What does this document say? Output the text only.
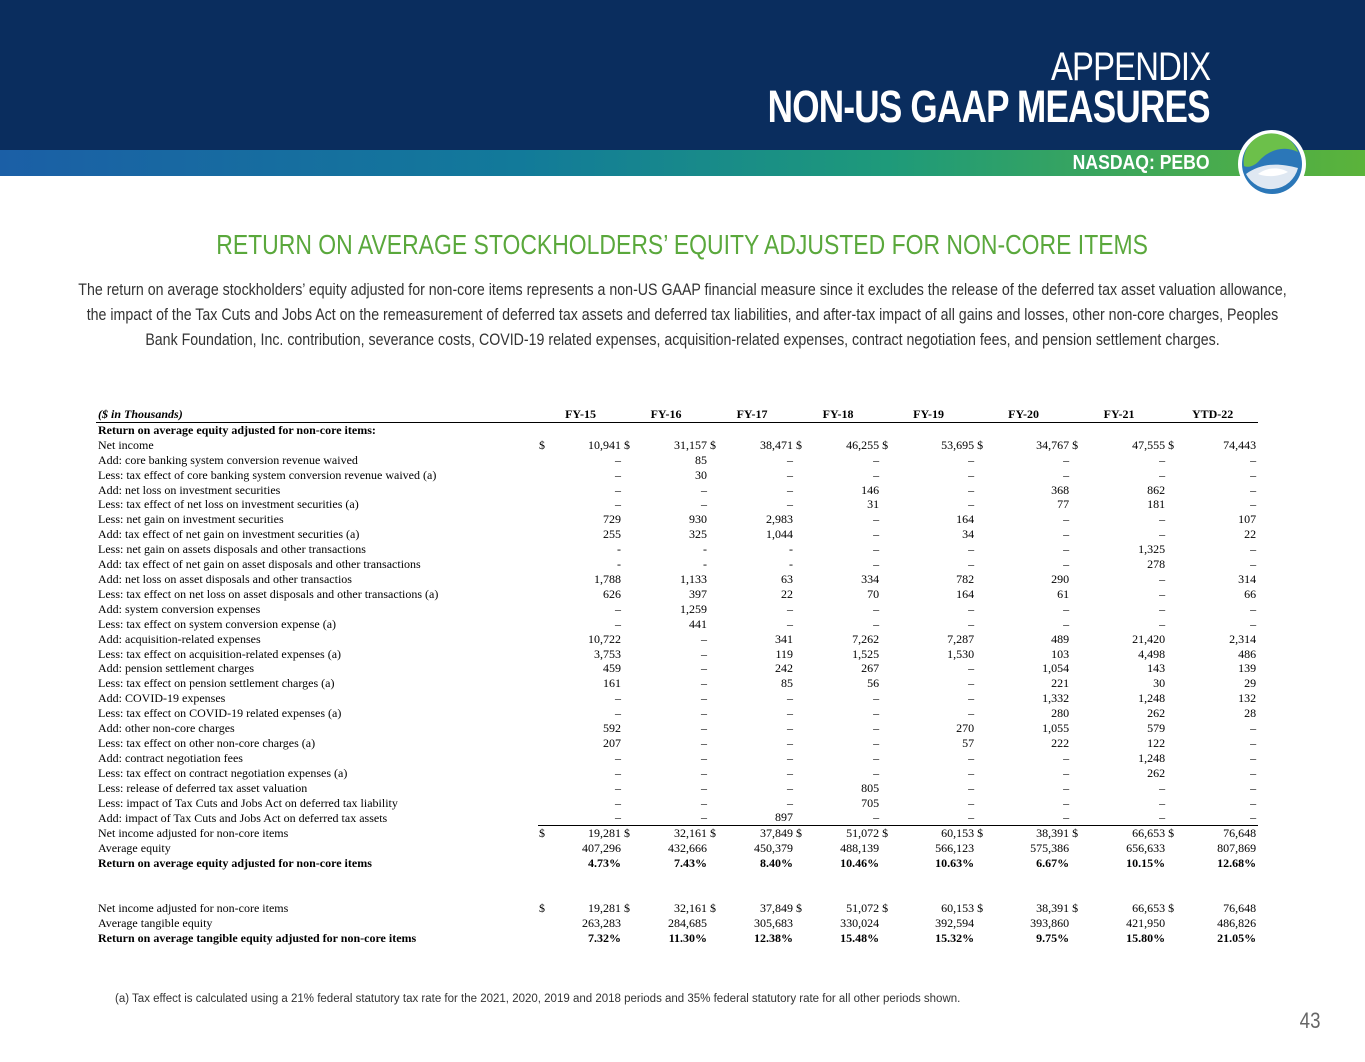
APPENDIX
NON-US GAAP MEASURES
NASDAQ: PEBO
RETURN ON AVERAGE STOCKHOLDERS’ EQUITY ADJUSTED FOR NON-CORE ITEMS
The return on average stockholders’ equity adjusted for non-core items represents a non-US GAAP financial measure since it excludes the release of the deferred tax asset valuation allowance, the impact of the Tax Cuts and Jobs Act on the remeasurement of deferred tax assets and deferred tax liabilities, and after-tax impact of all gains and losses, other non-core charges, Peoples Bank Foundation, Inc. contribution, severance costs, COVID-19 related expenses, acquisition-related expenses, contract negotiation fees, and pension settlement charges.
($ in Thousands)	FY-15		FY-16		FY-17		FY-18		FY-19		FY-20		FY-21		YTD-22	
Return on average equity adjusted for non-core items:																
Net income	$	10,941	$	31,157	$	38,471	$	46,255	$	53,695	$	34,767	$	47,555	$	74,443
Add: core banking system conversion revenue waived		–		85		–		–		–		–		–		–
Less: tax effect of core banking system conversion revenue waived (a)		–		30		–		–		–		–		–		–
Add: net loss on investment securities		–		–		–		146		–		368		862		–
Less: tax effect of net loss on investment securities (a)		–		–		–		31		–		77		181		–
Less: net gain on investment securities		729		930		2,983		–		164		–		–		107
Add: tax effect of net gain on investment securities (a)		255		325		1,044		–		34		–		–		22
Less: net gain on assets disposals and other transactions		-		-		-		–		–		–		1,325		–
Add: tax effect of net gain on asset disposals and other transactions		-		-		-		–		–		–		278		–
Add: net loss on asset disposals and other transactios		1,788		1,133		63		334		782		290		–		314
Less: tax effect on net loss on asset disposals and other transactions (a)		626		397		22		70		164		61		–		66
Add: system conversion expenses		–		1,259		–		–		–		–		–		–
Less: tax effect on system conversion expense (a)		–		441		–		–		–		–		–		–
Add: acquisition-related expenses		10,722		–		341		7,262		7,287		489		21,420		2,314
Less: tax effect on acquisition-related expenses (a)		3,753		–		119		1,525		1,530		103		4,498		486
Add: pension settlement charges		459		–		242		267		–		1,054		143		139
Less: tax effect on pension settlement charges (a)		161		–		85		56		–		221		30		29
Add: COVID-19 expenses		–		–		–		–		–		1,332		1,248		132
Less: tax effect on COVID-19 related expenses (a)		–		–		–		–		–		280		262		28
Add: other non-core charges		592		–		–		–		270		1,055		579		–
Less: tax effect on other non-core charges (a)		207		–		–		–		57		222		122		–
Add: contract negotiation fees		–		–		–		–		–		–		1,248		–
Less: tax effect on contract negotiation expenses (a)		–		–		–		–		–		–		262		–
Less: release of deferred tax asset valuation		–		–		–		805		–		–		–		–
Less: impact of Tax Cuts and Jobs Act on deferred tax liability		–		–		–		705		–		–		–		–
Add: impact of Tax Cuts and Jobs Act on deferred tax assets		–		–		897		–		–		–		–		–
Net income adjusted for non-core items	$	19,281	$	32,161	$	37,849	$	51,072	$	60,153	$	38,391	$	66,653	$	76,648
Average equity		407,296		432,666		450,379		488,139		566,123		575,386		656,633		807,869
Return on average equity adjusted for non-core items		4.73%		7.43%		8.40%		10.46%		10.63%		6.67%		10.15%		12.68%

Net income adjusted for non-core items	$	19,281	$	32,161	$	37,849	$	51,072	$	60,153	$	38,391	$	66,653	$	76,648
Average tangible equity		263,283		284,685		305,683		330,024		392,594		393,860		421,950		486,826
Return on average tangible equity adjusted for non-core items		7.32%		11.30%		12.38%		15.48%		15.32%		9.75%		15.80%		21.05%
(a) Tax effect is calculated using a 21% federal statutory tax rate for the 2021, 2020, 2019 and 2018 periods and 35% federal statutory rate for all other periods shown.
43
